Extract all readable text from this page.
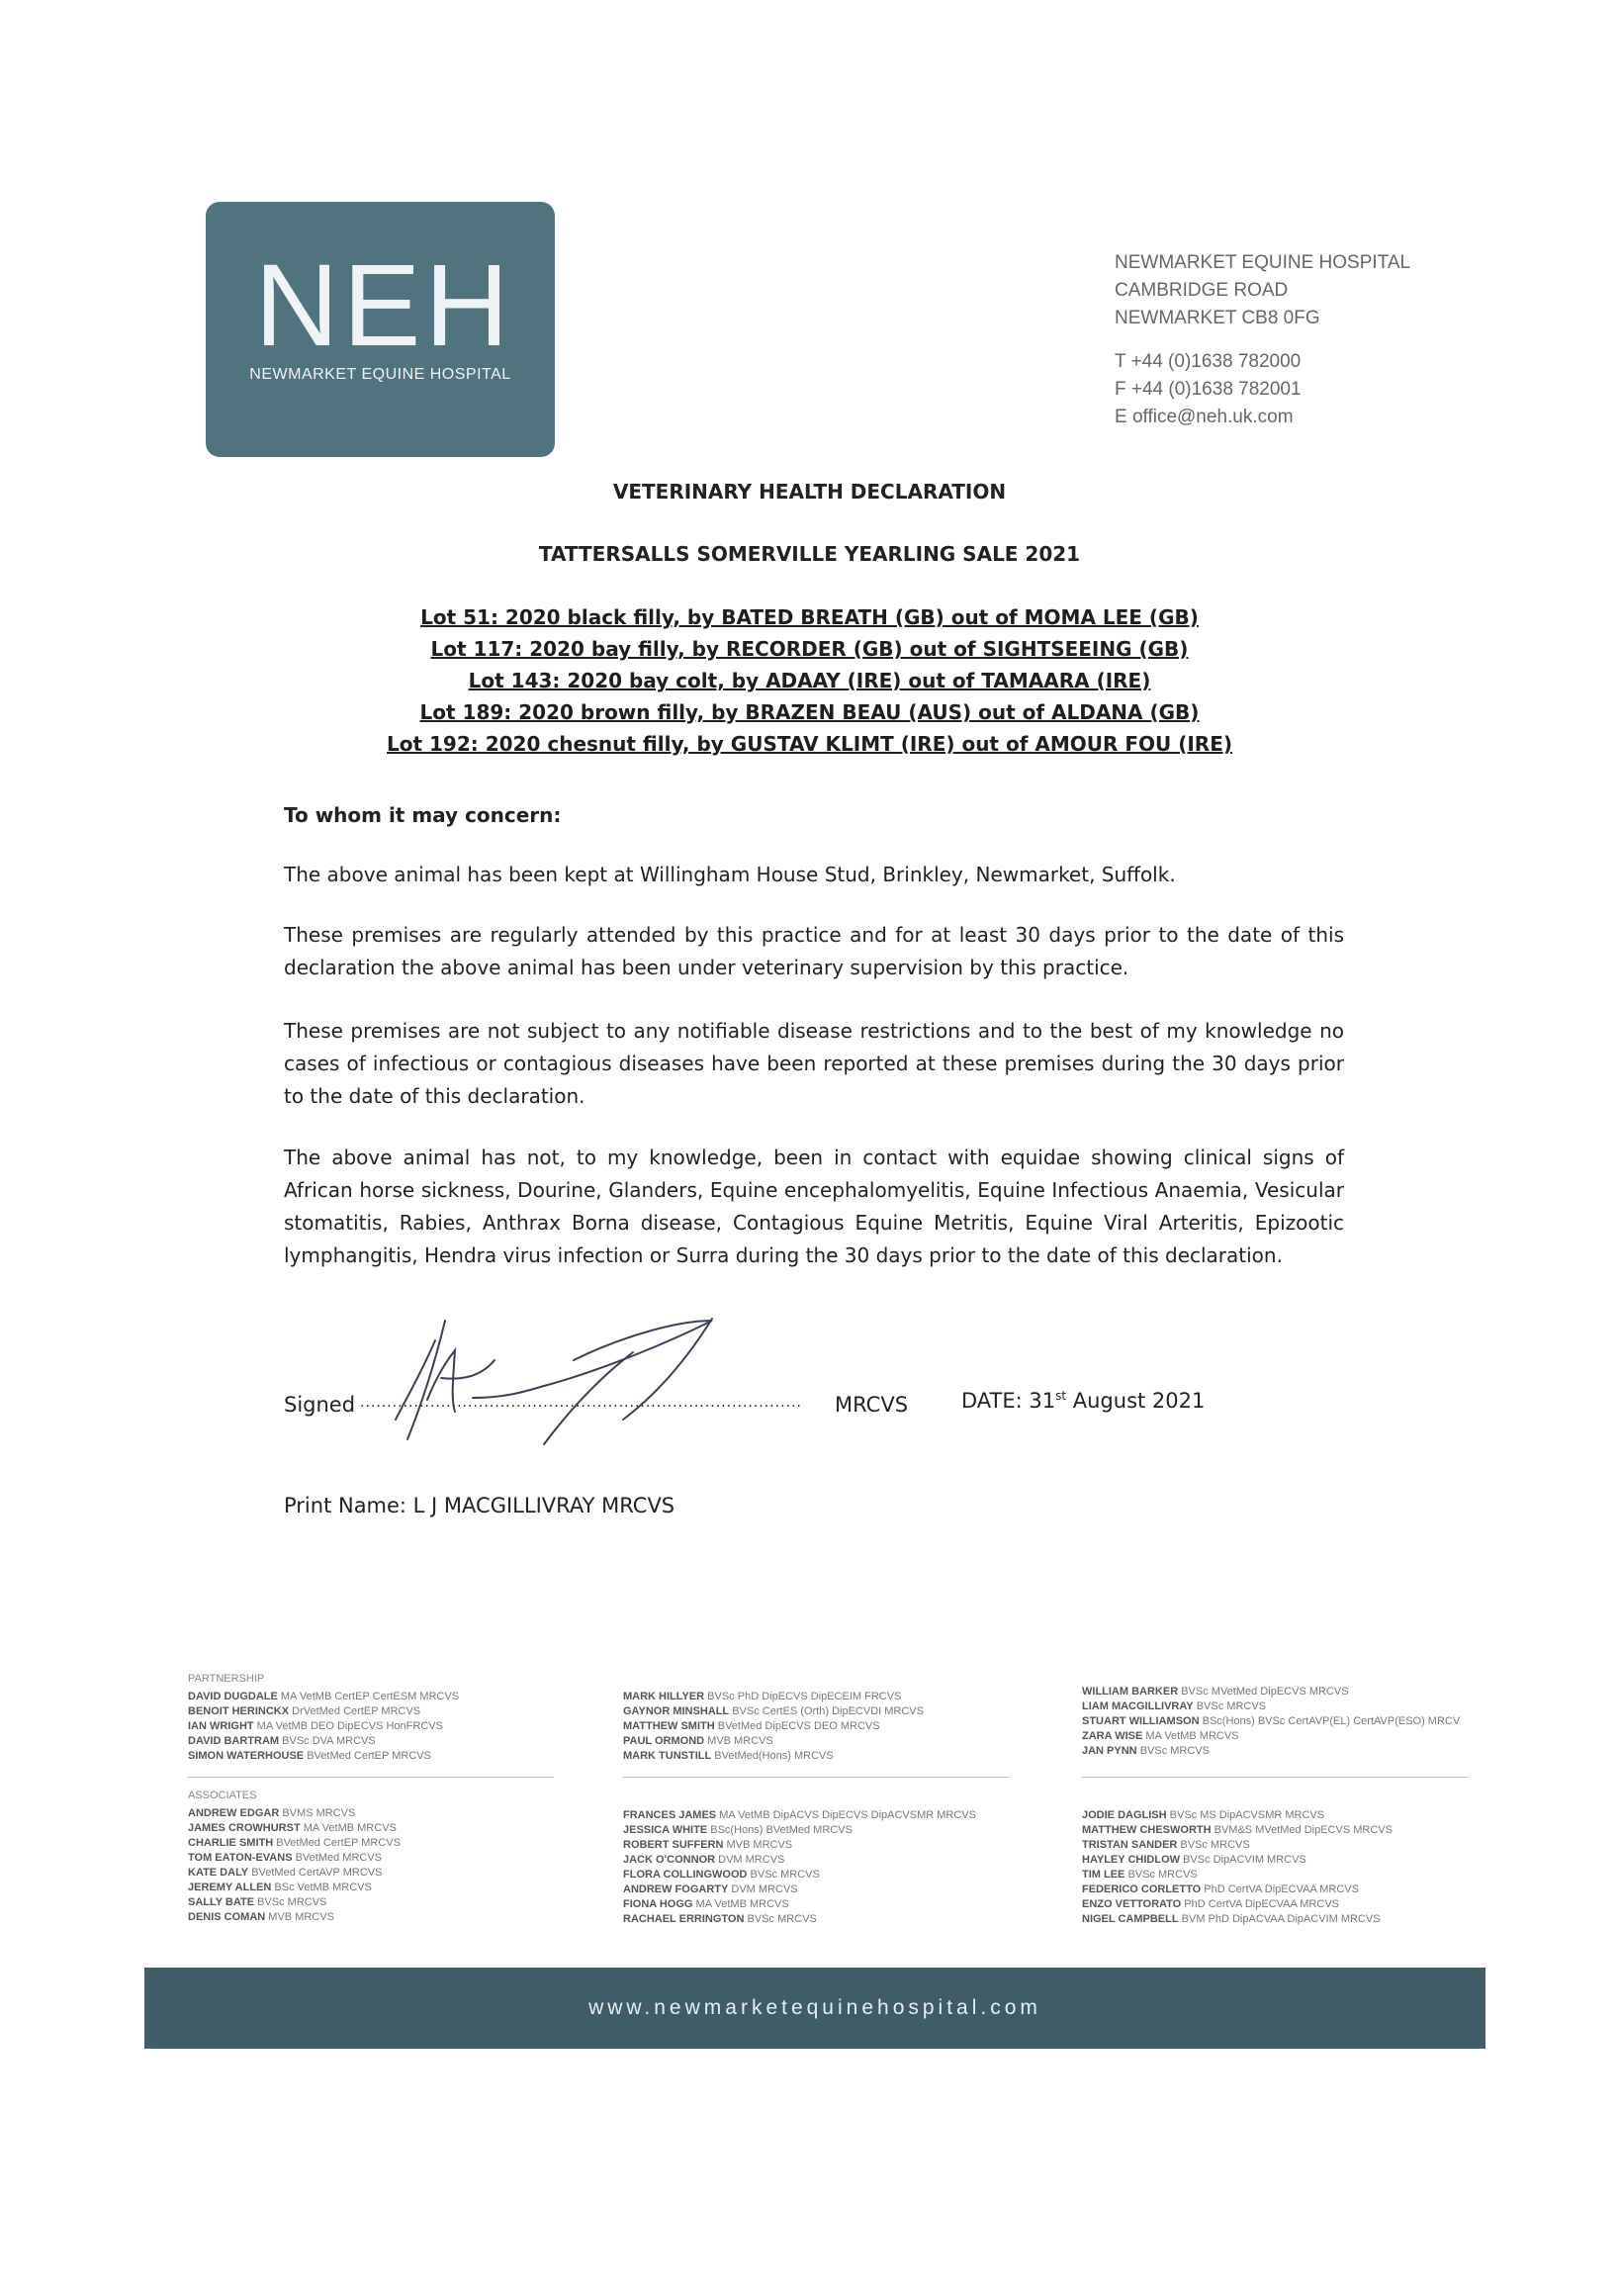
NEH
NEWMARKET EQUINE HOSPITAL
NEWMARKET EQUINE HOSPITAL
CAMBRIDGE ROAD
NEWMARKET CB8 0FG
T +44 (0)1638 782000
F +44 (0)1638 782001
E office@neh.uk.com
VETERINARY HEALTH DECLARATION
TATTERSALLS SOMERVILLE YEARLING SALE 2021
Lot 51: 2020 black filly, by BATED BREATH (GB) out of MOMA LEE (GB)
Lot 117: 2020 bay filly, by RECORDER (GB) out of SIGHTSEEING (GB)
Lot 143: 2020 bay colt, by ADAAY (IRE) out of TAMAARA (IRE)
Lot 189: 2020 brown filly, by BRAZEN BEAU (AUS) out of ALDANA (GB)
Lot 192: 2020 chesnut filly, by GUSTAV KLIMT (IRE) out of AMOUR FOU (IRE)
To whom it may concern:
The above animal has been kept at Willingham House Stud, Brinkley, Newmarket, Suffolk.
These premises are regularly attended by this practice and for at least 30 days prior to the date of this declaration the above animal has been under veterinary supervision by this practice.
These premises are not subject to any notifiable disease restrictions and to the best of my knowledge no cases of infectious or contagious diseases have been reported at these premises during the 30 days prior to the date of this declaration.
The above animal has not, to my knowledge, been in contact with equidae showing clinical signs of African horse sickness, Dourine, Glanders, Equine encephalomyelitis, Equine Infectious Anaemia, Vesicular stomatitis, Rabies, Anthrax Borna disease, Contagious Equine Metritis, Equine Viral Arteritis, Epizootic lymphangitis, Hendra virus infection or Surra during the 30 days prior to the date of this declaration.
Signed ..................................................................................	MRCVS	DATE: 31st August 2021
Print Name: L J MACGILLIVRAY MRCVS
PARTNERSHIP
DAVID DUGDALE MA VetMB CertEP CertESM MRCVS
BENOIT HERINCKX DrVetMed CertEP MRCVS
IAN WRIGHT MA VetMB DEO DipECVS HonFRCVS
DAVID BARTRAM BVSc DVA MRCVS
SIMON WATERHOUSE BVetMed CertEP MRCVS
MARK HILLYER BVSc PhD DipECVS DipECEIM FRCVS
GAYNOR MINSHALL BVSc CertES (Orth) DipECVDI MRCVS
MATTHEW SMITH BVetMed DipECVS DEO MRCVS
PAUL ORMOND MVB MRCVS
MARK TUNSTILL BVetMed(Hons) MRCVS
WILLIAM BARKER BVSc MVetMed DipECVS MRCVS
LIAM MACGILLIVRAY BVSc MRCVS
STUART WILLIAMSON BSc(Hons) BVSc CertAVP(EL) CertAVP(ESO) MRCV
ZARA WISE MA VetMB MRCVS
JAN PYNN BVSc MRCVS
ASSOCIATES
ANDREW EDGAR BVMS MRCVS
JAMES CROWHURST MA VetMB MRCVS
CHARLIE SMITH BVetMed CertEP MRCVS
TOM EATON-EVANS BVetMed MRCVS
KATE DALY BVetMed CertAVP MRCVS
JEREMY ALLEN BSc VetMB MRCVS
SALLY BATE BVSc MRCVS
DENIS COMAN MVB MRCVS
FRANCES JAMES MA VetMB DipACVS DipECVS DipACVSMR MRCVS
JESSICA WHITE BSc(Hons) BVetMed MRCVS
ROBERT SUFFERN MVB MRCVS
JACK O'CONNOR DVM MRCVS
FLORA COLLINGWOOD BVSc MRCVS
ANDREW FOGARTY DVM MRCVS
FIONA HOGG MA VetMB MRCVS
RACHAEL ERRINGTON BVSc MRCVS
JODIE DAGLISH BVSc MS DipACVSMR MRCVS
MATTHEW CHESWORTH BVM&S MVetMed DipECVS MRCVS
TRISTAN SANDER BVSc MRCVS
HAYLEY CHIDLOW BVSc DipACVIM MRCVS
TIM LEE BVSc MRCVS
FEDERICO CORLETTO PhD CertVA DipECVAA MRCVS
ENZO VETTORATO PhD CertVA DipECVAA MRCVS
NIGEL CAMPBELL BVM PhD DipACVAA DipACVIM MRCVS
www.newmarketequinehospital.com
